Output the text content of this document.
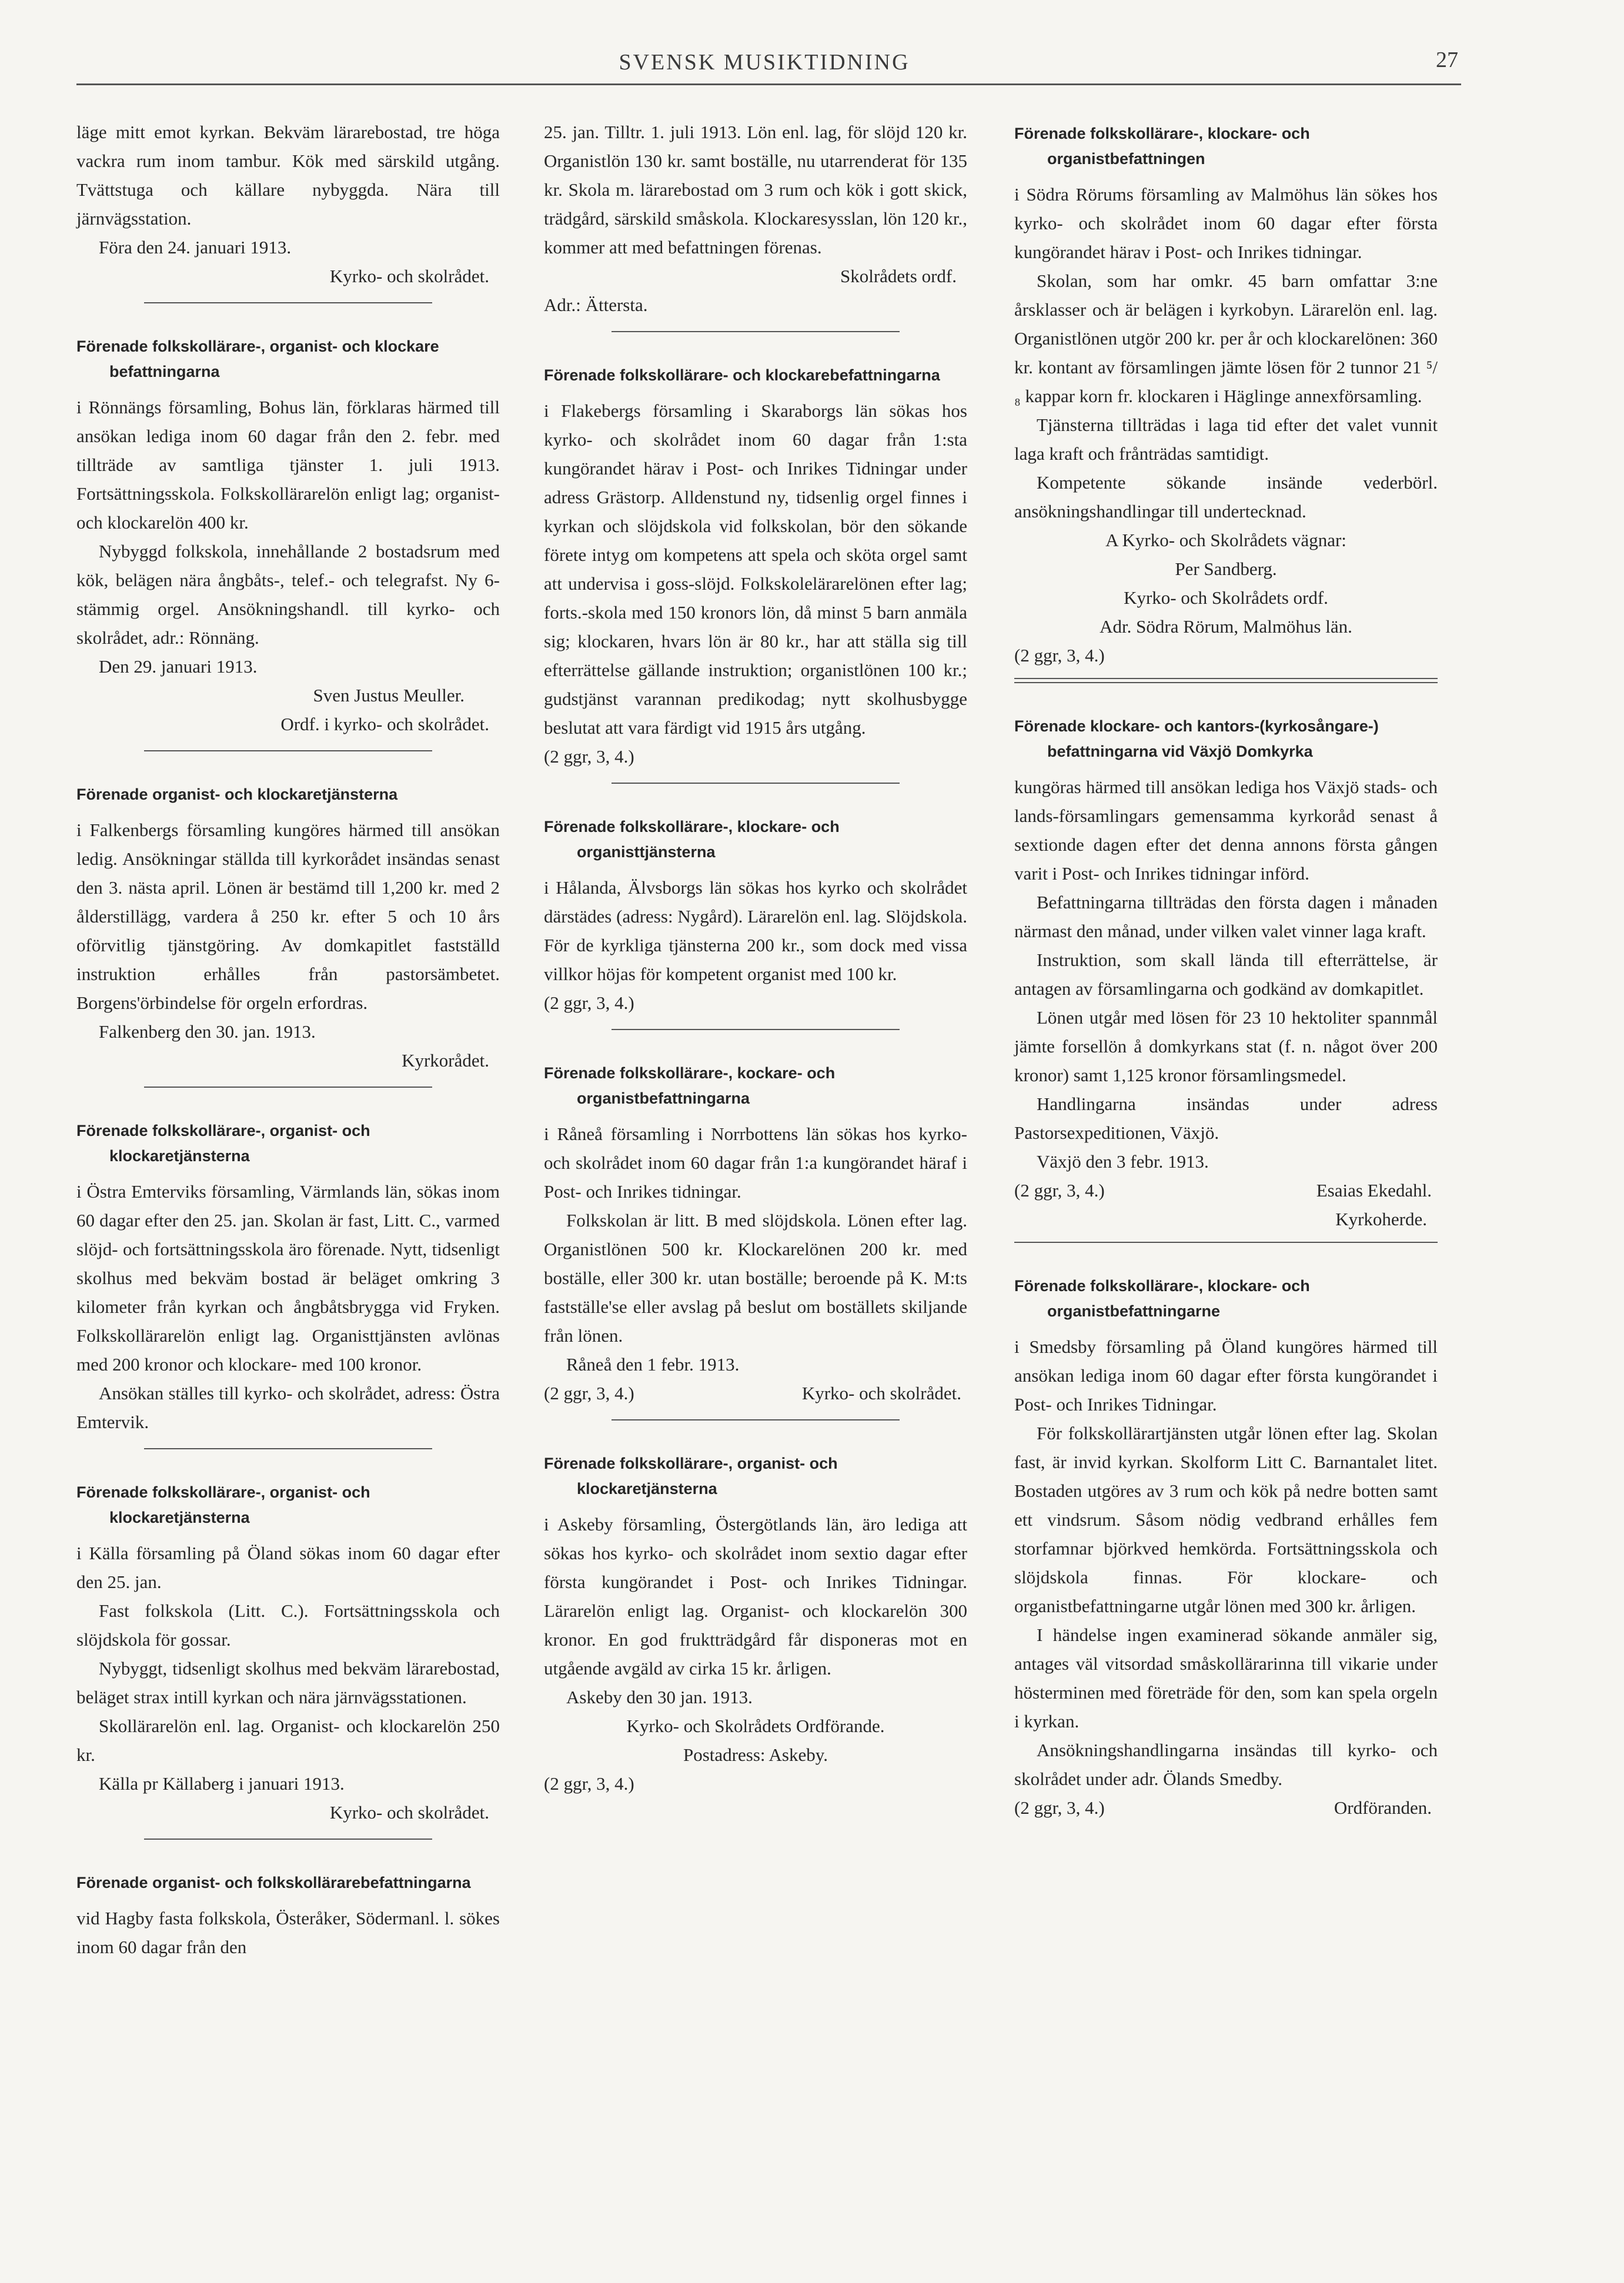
SVENSK MUSIKTIDNING	27

läge mitt emot kyrkan. Bekväm lärarebostad, tre höga vackra rum inom tambur. Kök med särskild utgång. Tvättstuga och källare nybyggda. Nära till järnvägsstation.

Föra den 24. januari 1913.

Kyrko- och skolrådet.

Förenade folkskollärare-, organist- och klockare befattningarna

i Rönnängs församling, Bohus län, förklaras härmed till ansökan lediga inom 60 dagar från den 2. febr. med tillträde av samtliga tjänster 1. juli 1913. Fortsättningsskola. Folkskollärarelön enligt lag; organist- och klockarelön 400 kr.

Nybyggd folkskola, innehållande 2 bostadsrum med kök, belägen nära ångbåts-, telef.- och telegrafst. Ny 6-stämmig orgel. Ansökningshandl. till kyrko- och skolrådet, adr.: Rönnäng.

Den 29. januari 1913.

Sven Justus Meuller.

Ordf. i kyrko- och skolrådet.

Förenade organist- och klockaretjänsterna

i Falkenbergs församling kungöres härmed till ansökan ledig. Ansökningar ställda till kyrkorådet insändas senast den 3. nästa april. Lönen är bestämd till 1,200 kr. med 2 ålderstillägg, vardera å 250 kr. efter 5 och 10 års oförvitlig tjänstgöring. Av domkapitlet fastställd instruktion erhålles från pastorsämbetet. Borgens'örbindelse för orgeln erfordras.

Falkenberg den 30. jan. 1913.

Kyrkorådet.

Förenade folkskollärare-, organist- och klockaretjänsterna

i Östra Emterviks församling, Värmlands län, sökas inom 60 dagar efter den 25. jan. Skolan är fast, Litt. C., varmed slöjd- och fortsättningsskola äro förenade. Nytt, tidsenligt skolhus med bekväm bostad är beläget omkring 3 kilometer från kyrkan och ångbåtsbrygga vid Fryken. Folkskollärarelön enligt lag. Organisttjänsten avlönas med 200 kronor och klockare- med 100 kronor.

Ansökan ställes till kyrko- och skolrådet, adress: Östra Emtervik.

Förenade folkskollärare-, organist- och klockaretjänsterna

i Källa församling på Öland sökas inom 60 dagar efter den 25. jan.

Fast folkskola (Litt. C.). Fortsättningsskola och slöjdskola för gossar.

Nybyggt, tidsenligt skolhus med bekväm lärarebostad, beläget strax intill kyrkan och nära järnvägsstationen.

Skollärarelön enl. lag. Organist- och klockarelön 250 kr.

Källa pr Källaberg i januari 1913.

Kyrko- och skolrådet.

Förenade organist- och folkskollärarebefattningarna

vid Hagby fasta folkskola, Österåker, Södermanl. l. sökes inom 60 dagar från den

25. jan. Tilltr. 1. juli 1913. Lön enl. lag, för slöjd 120 kr. Organistlön 130 kr. samt boställe, nu utarrenderat för 135 kr. Skola m. lärarebostad om 3 rum och kök i gott skick, trädgård, särskild småskola. Klockaresysslan, lön 120 kr., kommer att med befattningen förenas.

Skolrådets ordf.

Adr.: Ättersta.

Förenade folkskollärare- och klockarebefattningarna

i Flakebergs församling i Skaraborgs län sökas hos kyrko- och skolrådet inom 60 dagar från 1:sta kungörandet härav i Post- och Inrikes Tidningar under adress Grästorp. Alldenstund ny, tidsenlig orgel finnes i kyrkan och slöjdskola vid folkskolan, bör den sökande förete intyg om kompetens att spela och sköta orgel samt att undervisa i goss-slöjd. Folkskolelärarelönen efter lag; forts.-skola med 150 kronors lön, då minst 5 barn anmäla sig; klockaren, hvars lön är 80 kr., har att ställa sig till efterrättelse gällande instruktion; organistlönen 100 kr.; gudstjänst varannan predikodag; nytt skolhusbygge beslutat att vara färdigt vid 1915 års utgång.

(2 ggr, 3, 4.)

Förenade folkskollärare-, klockare- och organisttjänsterna

i Hålanda, Älvsborgs län sökas hos kyrko och skolrådet därstädes (adress: Nygård). Lärarelön enl. lag. Slöjdskola. För de kyrkliga tjänsterna 200 kr., som dock med vissa villkor höjas för kompetent organist med 100 kr.

(2 ggr, 3, 4.)

Förenade folkskollärare-, kockare- och organistbefattningarna

i Råneå församling i Norrbottens län sökas hos kyrko- och skolrådet inom 60 dagar från 1:a kungörandet häraf i Post- och Inrikes tidningar.

Folkskolan är litt. B med slöjdskola. Lönen efter lag. Organistlönen 500 kr. Klockarelönen 200 kr. med boställe, eller 300 kr. utan boställe; beroende på K. M:ts fastställe'se eller avslag på beslut om boställets skiljande från lönen.

Råneå den 1 febr. 1913.

(2 ggr, 3, 4.)	Kyrko- och skolrådet.
Förenade folkskollärare-, organist- och klockaretjänsterna

i Askeby församling, Östergötlands län, äro lediga att sökas hos kyrko- och skolrådet inom sextio dagar efter första kungörandet i Post- och Inrikes Tidningar. Lärarelön enligt lag. Organist- och klockarelön 300 kronor. En god fruktträdgård får disponeras mot en utgående avgäld av cirka 15 kr. årligen.

Askeby den 30 jan. 1913.

Kyrko- och Skolrådets Ordförande.

Postadress: Askeby.

(2 ggr, 3, 4.)

Förenade folkskollärare-, klockare- och organistbefattningen

i Södra Rörums församling av Malmöhus län sökes hos kyrko- och skolrådet inom 60 dagar efter första kungörandet härav i Post- och Inrikes tidningar.

Skolan, som har omkr. 45 barn omfattar 3:ne årsklasser och är belägen i kyrkobyn. Lärarelön enl. lag. Organistlönen utgör 200 kr. per år och klockarelönen: 360 kr. kontant av församlingen jämte lösen för 2 tunnor 21 ⁵/₈ kappar korn fr. klockaren i Häglinge annexförsamling.

Tjänsterna tillträdas i laga tid efter det valet vunnit laga kraft och frånträdas samtidigt.

Kompetente sökande insände vederbörl. ansökningshandlingar till undertecknad.

A Kyrko- och Skolrådets vägnar:

Per Sandberg.

Kyrko- och Skolrådets ordf.

Adr. Södra Rörum, Malmöhus län.

(2 ggr, 3, 4.)

Förenade klockare- och kantors-(kyrkosångare-) befattningarna vid Växjö Domkyrka

kungöras härmed till ansökan lediga hos Växjö stads- och lands-församlingars gemensamma kyrkoråd senast å sextionde dagen efter det denna annons första gången varit i Post- och Inrikes tidningar införd.

Befattningarna tillträdas den första dagen i månaden närmast den månad, under vilken valet vinner laga kraft.

Instruktion, som skall lända till efterrättelse, är antagen av församlingarna och godkänd av domkapitlet.

Lönen utgår med lösen för 23 10 hektoliter spannmål jämte forsellön å domkyrkans stat (f. n. något över 200 kronor) samt 1,125 kronor församlingsmedel.

Handlingarna insändas under adress Pastorsexpeditionen, Växjö.

Växjö den 3 febr. 1913.

(2 ggr, 3, 4.)	Esaias Ekedahl.

Kyrkoherde.

Förenade folkskollärare-, klockare- och organistbefattningarne

i Smedsby församling på Öland kungöres härmed till ansökan lediga inom 60 dagar efter första kungörandet i Post- och Inrikes Tidningar.

För folkskollärartjänsten utgår lönen efter lag. Skolan fast, är invid kyrkan. Skolform Litt C. Barnantalet litet. Bostaden utgöres av 3 rum och kök på nedre botten samt ett vindsrum. Såsom nödig vedbrand erhålles fem storfamnar björkved hemkörda. Fortsättningsskola och slöjdskola finnas. För klockare- och organistbefattningarne utgår lönen med 300 kr. årligen.

I händelse ingen examinerad sökande anmäler sig, antages väl vitsordad småskollärarinna till vikarie under hösterminen med företräde för den, som kan spela orgeln i kyrkan.

Ansökningshandlingarna insändas till kyrko- och skolrådet under adr. Ölands Smedby.

(2 ggr, 3, 4.)	Ordföranden.
